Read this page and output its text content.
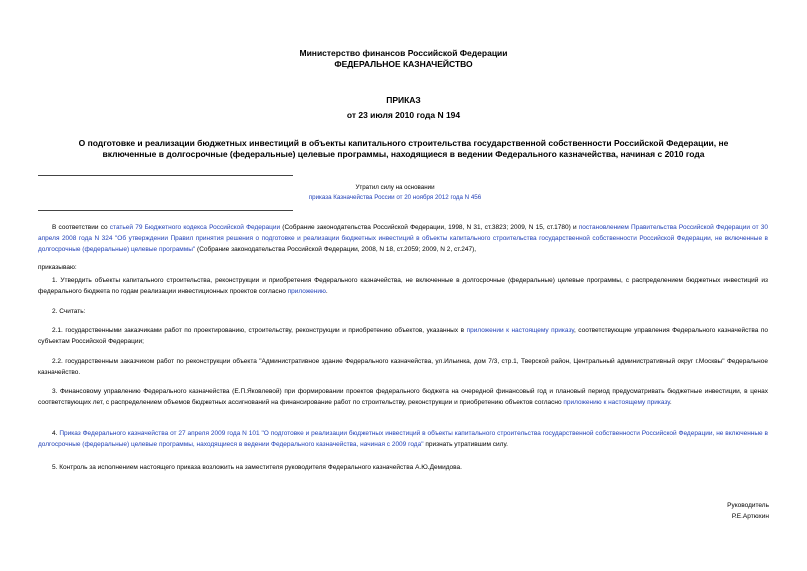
Министерство финансов Российской Федерации
ФЕДЕРАЛЬНОЕ КАЗНАЧЕЙСТВО
ПРИКАЗ
от 23 июля 2010 года N 194
О подготовке и реализации бюджетных инвестиций в объекты капитального строительства государственной собственности Российской Федерации, не
включенные в долгосрочные (федеральные) целевые программы, находящиеся в ведении Федерального казначейства, начиная с 2010 года
Утратил силу на основании
приказа Казначейства России от 20 ноября 2012 года N 456
В соответствии со статьей 79 Бюджетного кодекса Российской Федерации (Собрание законодательства Российской Федерации, 1998, N 31, ст.3823; 2009, N 15, ст.1780) и постановлением Правительства Российской Федерации от 30 апреля 2008 года N 324 "Об утверждении Правил принятия решения о подготовке и реализации бюджетных инвестиций в объекты капитального строительства государственной собственности Российской Федерации, не включенные в долгосрочные (федеральные) целевые программы" (Собрание законодательства Российской Федерации, 2008, N 18, ст.2059; 2009, N 2, ст.247),
приказываю:
1. Утвердить объекты капитального строительства, реконструкции и приобретения Федерального казначейства, не включенные в долгосрочные (федеральные) целевые программы, с распределением бюджетных инвестиций из федерального бюджета по годам реализации инвестиционных проектов согласно приложению.
2. Считать:
2.1. государственными заказчиками работ по проектированию, строительству, реконструкции и приобретению объектов, указанных в приложении к настоящему приказу, соответствующие управления Федерального казначейства по субъектам Российской Федерации;
2.2. государственным заказчиком работ по реконструкции объекта "Административное здание Федерального казначейства, ул.Ильинка, дом 7/3, стр.1, Тверской район, Центральный административный округ г.Москвы" Федеральное казначейство.
3. Финансовому управлению Федерального казначейства (Е.П.Яковлевой) при формировании проектов федерального бюджета на очередной финансовый год и плановый период предусматривать бюджетные инвестиции, в ценах соответствующих лет, с распределением объемов бюджетных ассигнований на финансирование работ по строительству, реконструкции и приобретению объектов согласно приложению к настоящему приказу.
4. Приказ Федерального казначейства от 27 апреля 2009 года N 101 "О подготовке и реализации бюджетных инвестиций в объекты капитального строительства государственной собственности Российской Федерации, не включенные в долгосрочные (федеральные) целевые программы, находящиеся в ведении Федерального казначейства, начиная с 2009 года" признать утратившим силу.
5. Контроль за исполнением настоящего приказа возложить на заместителя руководителя Федерального казначейства А.Ю.Демидова.
Руководитель
Р.Е.Артюхин
